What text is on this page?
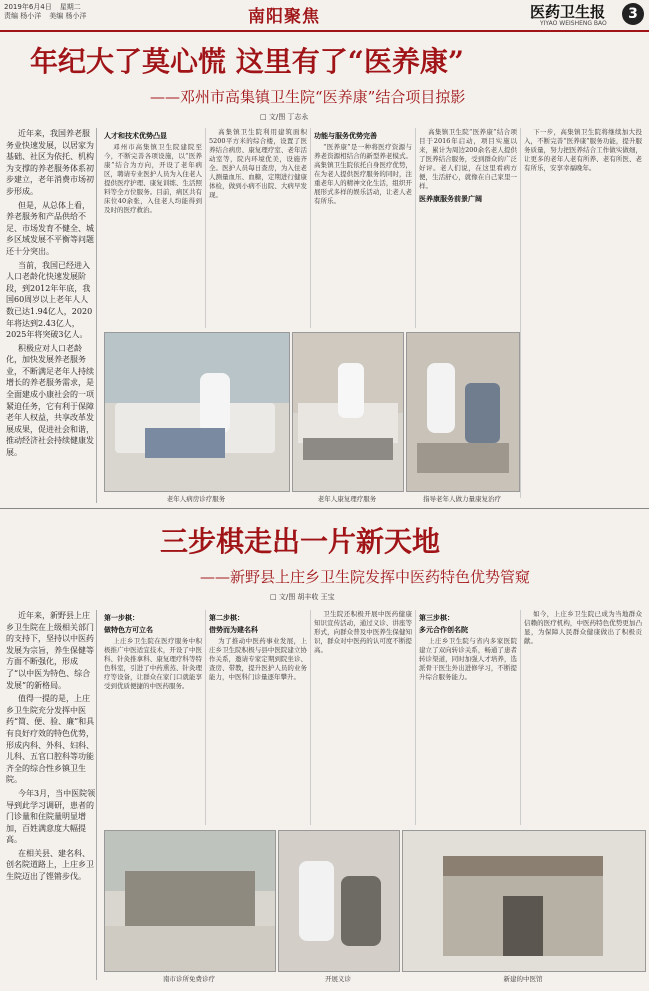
2019年6月4日 星期二
责编 杨小洋 美编 杨小洋	南阳聚焦	医药卫生报
YIYAO WEISHENG BAO
3
年纪大了莫心慌 这里有了“医养康”
——邓州市高集镇卫生院“医养康”结合项目掠影
□ 文/图 丁志永

近年来，我国养老服务业快速发展，以居家为基础、社区为依托、机构为支撑的养老服务体系初步建立，老年消费市场初步形成。

但是，从总体上看，养老服务和产品供给不足、市场发育不健全、城乡区域发展不平衡等问题还十分突出。

当前，我国已经进入人口老龄化快速发展阶段，到2012年年底，我国60周岁以上老年人人数已达1.94亿人，2020年将达到2.43亿人，2025年将突破3亿人。

积极应对人口老龄化，加快发展养老服务业，不断满足老年人持续增长的养老服务需求，是全面建成小康社会的一项紧迫任务，它有利于保障老年人权益，共享改革发展成果，促进社会和谐，推动经济社会持续健康发展。

人才和技术优势凸显

邓州市高集镇卫生院建院至今，不断完善各项设施，以“医养康”结合为方向，开设了老年病区，聘请专业医护人员为入住老人提供医疗护理、康复训练、生活照料等全方位服务。目前，病区共有床位40余张，入住老人均能得到及时的医疗救治。

高集镇卫生院利用建筑面积5200平方米的综合楼，设置了医养结合病房、康复理疗室、老年活动室等，院内环境优美，设施齐全。医护人员每日查房，为入住老人测量血压、血糖，定期进行健康体检，做到小病不出院、大病早发现。

功能与服务优势完善

“医养康”是一种将医疗资源与养老资源相结合的新型养老模式。高集镇卫生院依托自身医疗优势，在为老人提供医疗服务的同时，注重老年人的精神文化生活，组织开展形式多样的娱乐活动，让老人老有所乐。

高集镇卫生院“医养康”结合项目于2016年启动，项目实施以来，累计为周边200余名老人提供了医养结合服务，受到群众的广泛好评。老人们说，在这里看病方便，生活舒心，就像在自己家里一样。

医养康服务前景广阔

下一步，高集镇卫生院将继续加大投入，不断完善“医养康”服务功能，提升服务质量，努力把医养结合工作做实做细，让更多的老年人老有所养、老有所医、老有所乐，安享幸福晚年。

老年人病房诊疗服务	老年人康复理疗服务	指导老年人做力量康复治疗
三步棋走出一片新天地
——新野县上庄乡卫生院发挥中医药特色优势管窥
□ 文/图 胡丰收 王宝

近年来，新野县上庄乡卫生院在上级相关部门的支持下，坚持以中医药发展为宗旨，养生保健等方面不断强化，形成了“以中医为特色、综合发展”的新格局。

值得一提的是，上庄乡卫生院充分发挥中医药“简、便、验、廉”和具有良好疗效的特色优势，形成内科、外科、妇科、儿科、五官口腔科等功能齐全的综合性乡镇卫生院。

今年3月，当中医院领导到此学习调研，患者的门诊量和住院量明显增加，百姓满意度大幅提高。

在相关县、建名科、创名院道路上，上庄乡卫生院迈出了铿锵步伐。

第一步棋：

做特色方可立名

上庄乡卫生院在医疗服务中积极推广中医适宜技术，开设了中医科、针灸推拿科、康复理疗科等特色科室，引进了中药熏蒸、针灸理疗等设备，让群众在家门口就能享受到优质便捷的中医药服务。

第二步棋：

借势而为建名科

为了推动中医药事业发展，上庄乡卫生院积极与县中医院建立协作关系，邀请专家定期到院坐诊、查房、带教，提升医护人员的业务能力，中医科门诊量逐年攀升。

卫生院还积极开展中医药健康知识宣传活动，通过义诊、讲座等形式，向群众普及中医养生保健知识，群众对中医药的认可度不断提高。

第三步棋：

多元合作创名院

上庄乡卫生院与省内多家医院建立了双向转诊关系，畅通了患者转诊渠道，同时加强人才培养，选派骨干医生外出进修学习，不断提升综合服务能力。

如今，上庄乡卫生院已成为当地群众信赖的医疗机构，中医药特色优势更加凸显，为保障人民群众健康做出了积极贡献。

南市诊所免费诊疗	开展义诊	新建的中医馆
